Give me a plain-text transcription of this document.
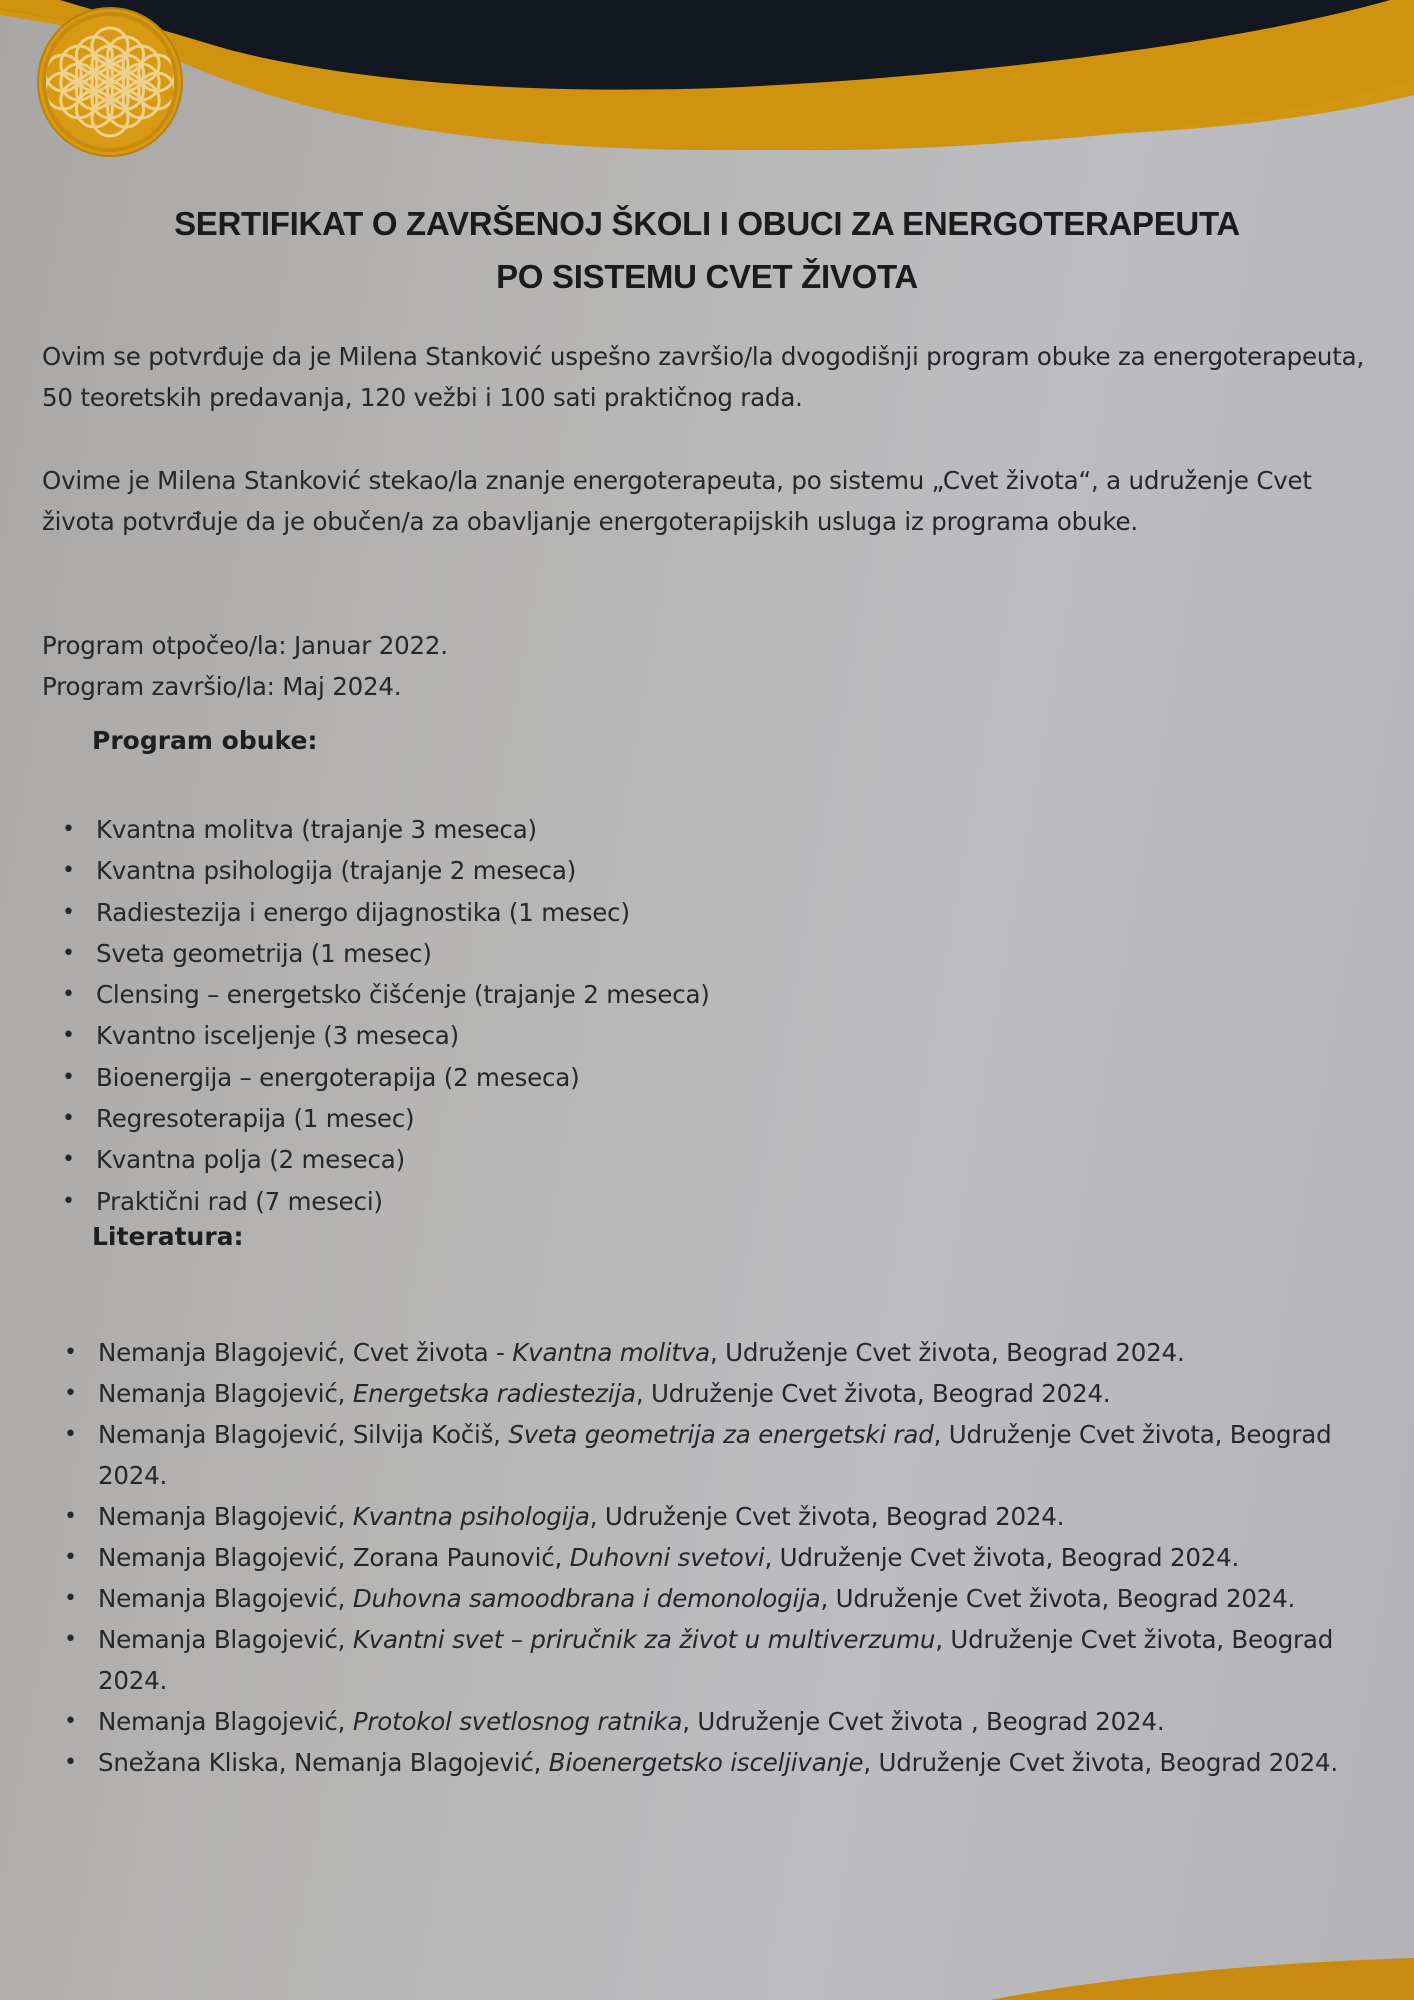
SERTIFIKAT O ZAVRŠENOJ ŠKOLI I OBUCI ZA ENERGOTERAPEUTA
PO SISTEMU CVET ŽIVOTA
Ovim se potvrđuje da je Milena Stanković uspešno završio/la dvogodišnji program obuke za energoterapeuta, 50 teoretskih predavanja, 120 vežbi i 100 sati praktičnog rada.
Ovime je Milena Stanković stekao/la znanje energoterapeuta, po sistemu „Cvet života“, a udruženje Cvet života potvrđuje da je obučen/a za obavljanje energoterapijskih usluga iz programa obuke.
Program otpočeo/la: Januar 2022.
Program završio/la: Maj 2024.
Program obuke:
• Kvantna molitva (trajanje 3 meseca)
• Kvantna psihologija (trajanje 2 meseca)
• Radiestezija i energo dijagnostika (1 mesec)
• Sveta geometrija (1 mesec)
• Clensing – energetsko čišćenje (trajanje 2 meseca)
• Kvantno isceljenje (3 meseca)
• Bioenergija – energoterapija (2 meseca)
• Regresoterapija (1 mesec)
• Kvantna polja (2 meseca)
• Praktični rad (7 meseci)
Literatura:
• Nemanja Blagojević, Cvet života - Kvantna molitva, Udruženje Cvet života, Beograd 2024.
• Nemanja Blagojević, Energetska radiestezija, Udruženje Cvet života, Beograd 2024.
• Nemanja Blagojević, Silvija Kočiš, Sveta geometrija za energetski rad, Udruženje Cvet života, Beograd 2024.
• Nemanja Blagojević, Kvantna psihologija, Udruženje Cvet života, Beograd 2024.
• Nemanja Blagojević, Zorana Paunović, Duhovni svetovi, Udruženje Cvet života, Beograd 2024.
• Nemanja Blagojević, Duhovna samoodbrana i demonologija, Udruženje Cvet života, Beograd 2024.
• Nemanja Blagojević, Kvantni svet – priručnik za život u multiverzumu, Udruženje Cvet života, Beograd 2024.
• Nemanja Blagojević, Protokol svetlosnog ratnika, Udruženje Cvet života , Beograd 2024.
• Snežana Kliska, Nemanja Blagojević, Bioenergetsko isceljivanje, Udruženje Cvet života, Beograd 2024.
